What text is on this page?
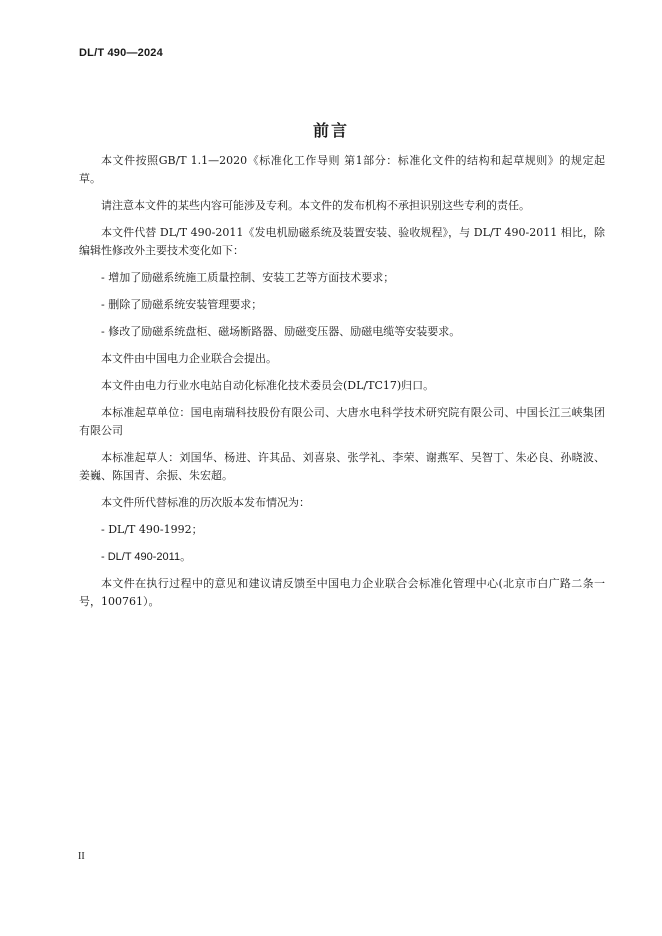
DL/T 490—2024
前言

本文件按照GB/T 1.1—2020《标准化工作导则 第1部分：标准化文件的结构和起草规则》的规定起草。

请注意本文件的某些内容可能涉及专利。本文件的发布机构不承担识别这些专利的责任。

本文件代替 DL/T 490-2011《发电机励磁系统及装置安装、验收规程》，与 DL/T 490-2011 相比，除编辑性修改外主要技术变化如下：

- 增加了励磁系统施工质量控制、安装工艺等方面技术要求；

- 删除了励磁系统安装管理要求；

- 修改了励磁系统盘柜、磁场断路器、励磁变压器、励磁电缆等安装要求。

本文件由中国电力企业联合会提出。

本文件由电力行业水电站自动化标准化技术委员会(DL/TC17)归口。

本标准起草单位：国电南瑞科技股份有限公司、大唐水电科学技术研究院有限公司、中国长江三峡集团有限公司

本标准起草人：刘国华、杨进、许其品、刘喜泉、张学礼、李荣、谢燕军、吴智丁、朱必良、孙晓波、姜巍、陈国青、余振、朱宏超。

本文件所代替标准的历次版本发布情况为：

- DL/T 490-1992；

- DL/T 490-2011。

本文件在执行过程中的意见和建议请反馈至中国电力企业联合会标准化管理中心(北京市白广路二条一号，100761）。

II
